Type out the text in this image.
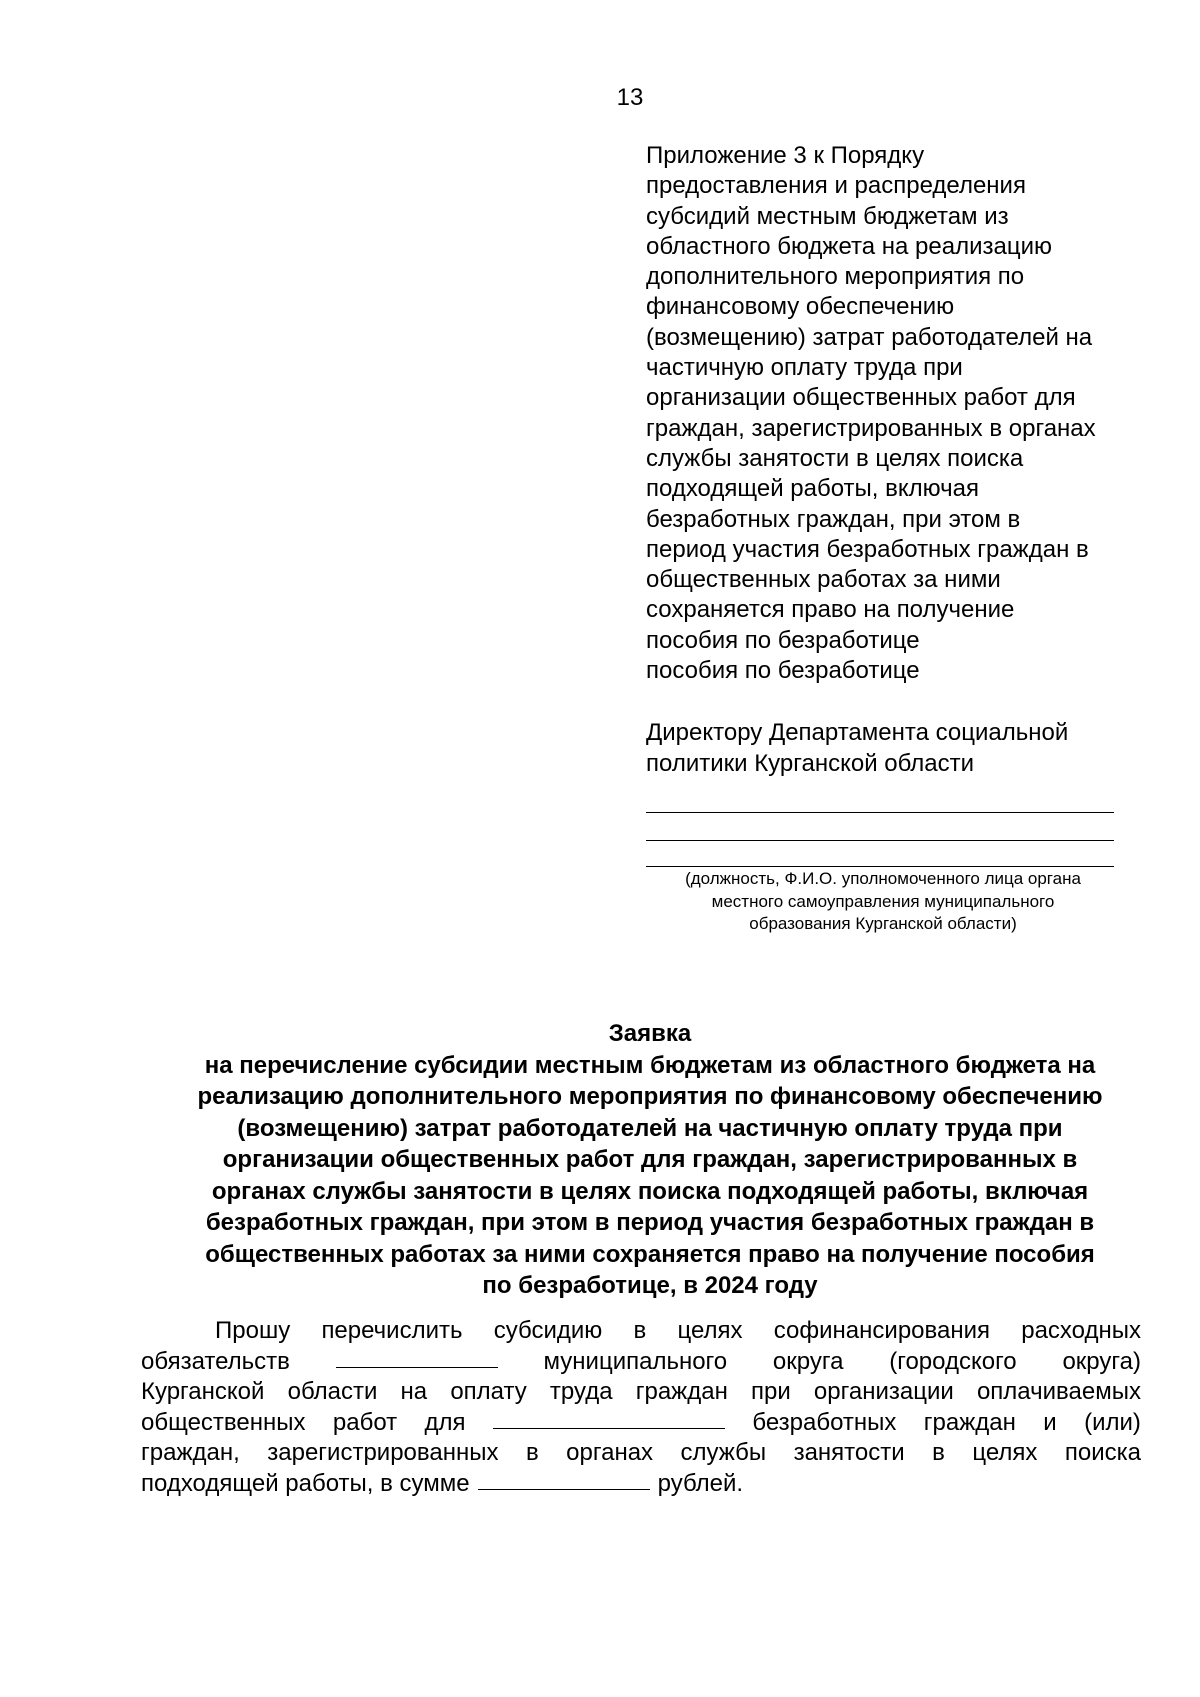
13
Приложение 3 к Порядку
предоставления и распределения
субсидий местным бюджетам из
областного бюджета на реализацию
дополнительного мероприятия по
финансовому обеспечению
(возмещению) затрат работодателей на
частичную оплату труда при
организации общественных работ для
граждан, зарегистрированных в органах
службы занятости в целях поиска
подходящей работы, включая
безработных граждан, при этом в
период участия безработных граждан в
общественных работах за ними
сохраняется право на получение
пособия по безработице
пособия по безработице
Директору Департамента социальной
политики Курганской области
(должность, Ф.И.О. уполномоченного лица органа
местного самоуправления муниципального
образования Курганской области)
Заявка
на перечисление субсидии местным бюджетам из областного бюджета на
реализацию дополнительного мероприятия по финансовому обеспечению
(возмещению) затрат работодателей на частичную оплату труда при
организации общественных работ для граждан, зарегистрированных в
органах службы занятости в целях поиска подходящей работы, включая
безработных граждан, при этом в период участия безработных граждан в
общественных работах за ними сохраняется право на получение пособия
по безработице, в 2024 году
Прошу перечислить субсидию в целях софинансирования расходных
обязательств	муниципального округа (городского округа)
Курганской области на оплату труда граждан при организации оплачиваемых
общественных работ для	безработных граждан и (или)
граждан, зарегистрированных в органах службы занятости в целях поиска
подходящей работы, в сумме	рублей.
